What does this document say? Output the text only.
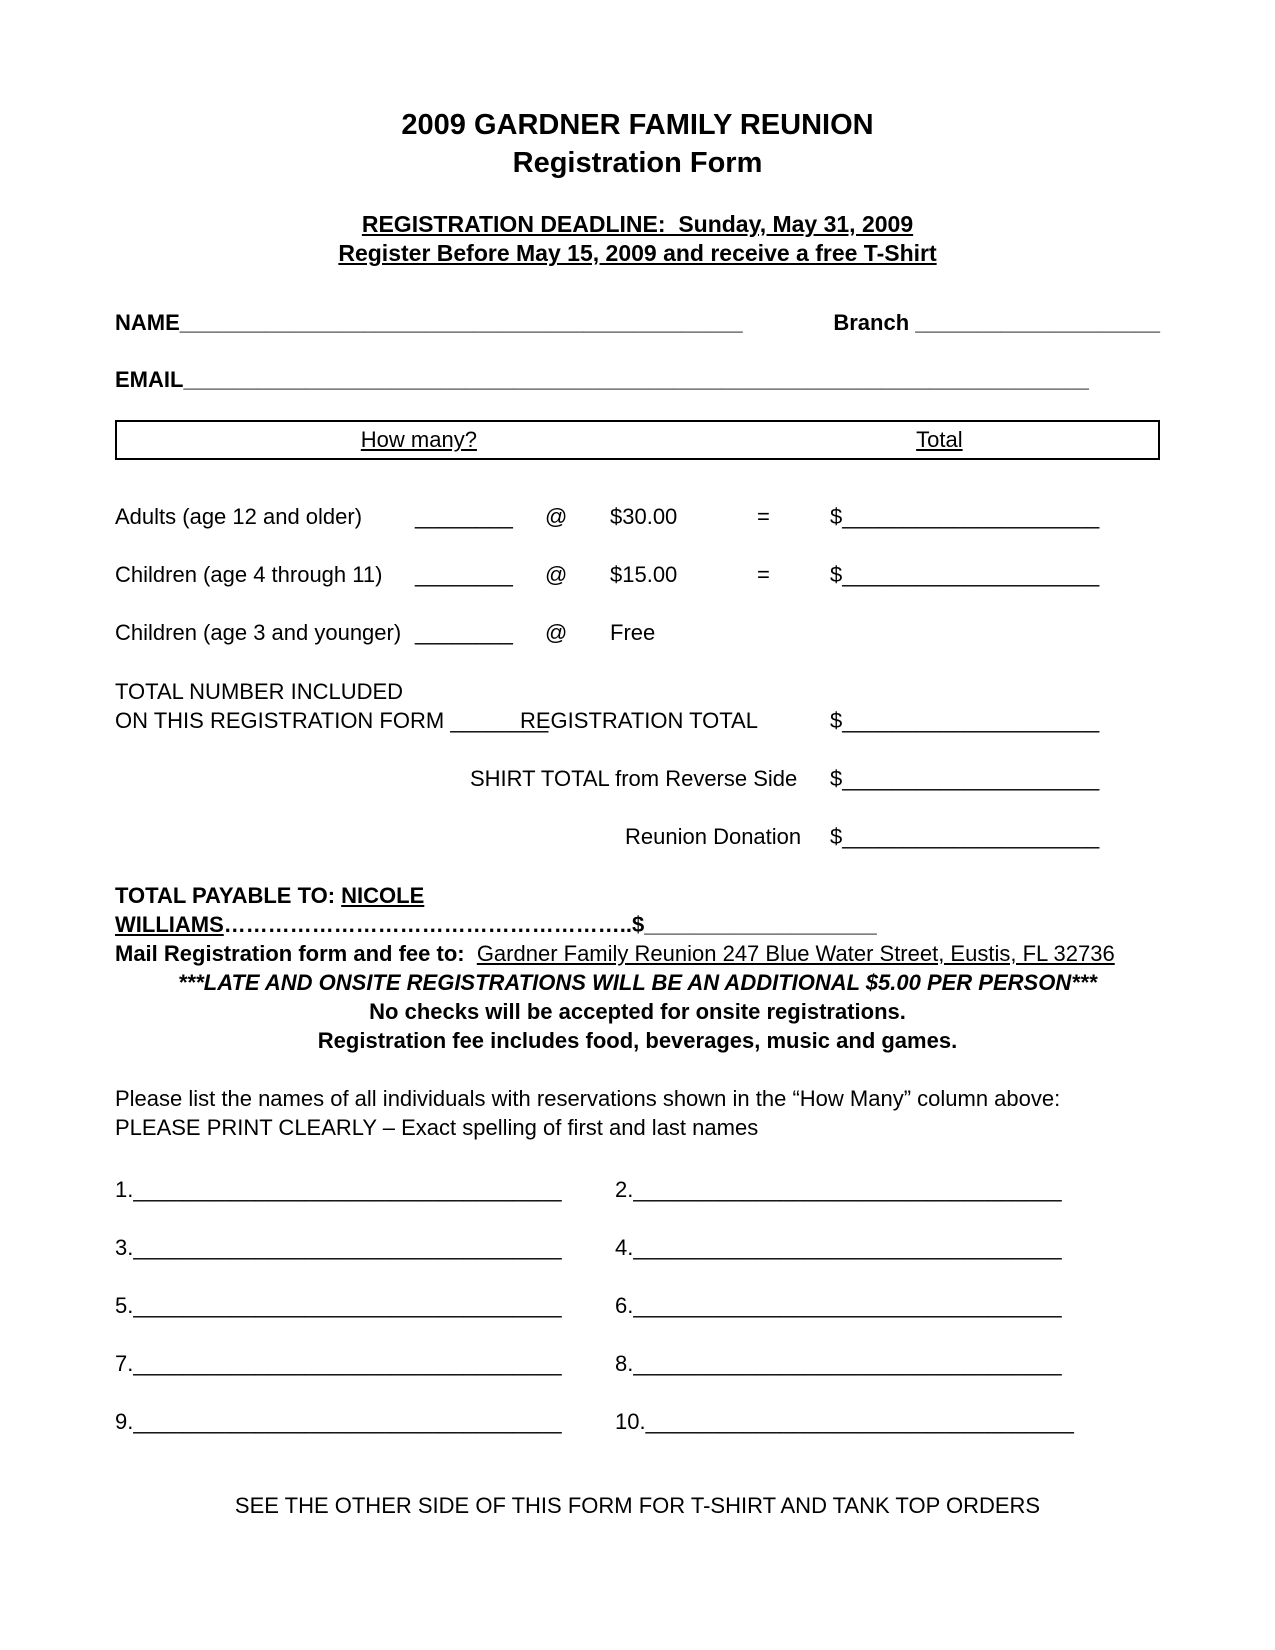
2009 GARDNER FAMILY REUNION
Registration Form
REGISTRATION DEADLINE:  Sunday, May 31, 2009
Register Before May 15, 2009 and receive a free T-Shirt
NAME______________________________________________	Branch ____________________
EMAIL__________________________________________________________________________
How many?	Total
Adults (age 12 and older)	________	@	$30.00	=	$_____________________
Children (age 4 through 11)	________	@	$15.00	=	$_____________________
Children (age 3 and younger) ________	@	Free
TOTAL NUMBER INCLUDED
ON THIS REGISTRATION FORM ________
REGISTRATION TOTAL	$_____________________
SHIRT TOTAL from Reverse Side	$_____________________
Reunion Donation	$_____________________
TOTAL PAYABLE TO: NICOLE WILLIAMS………………………………………………..$___________________
Mail Registration form and fee to:  Gardner Family Reunion 247 Blue Water Street, Eustis, FL 32736
***LATE AND ONSITE REGISTRATIONS WILL BE AN ADDITIONAL $5.00 PER PERSON***
No checks will be accepted for onsite registrations.
Registration fee includes food, beverages, music and games.
Please list the names of all individuals with reservations shown in the “How Many” column above:
PLEASE PRINT CLEARLY – Exact spelling of first and last names
1.___________________________________	2.___________________________________
3.___________________________________	4.___________________________________
5.___________________________________	6.___________________________________
7.___________________________________	8.___________________________________
9.___________________________________	10.___________________________________
SEE THE OTHER SIDE OF THIS FORM FOR T-SHIRT AND TANK TOP ORDERS
